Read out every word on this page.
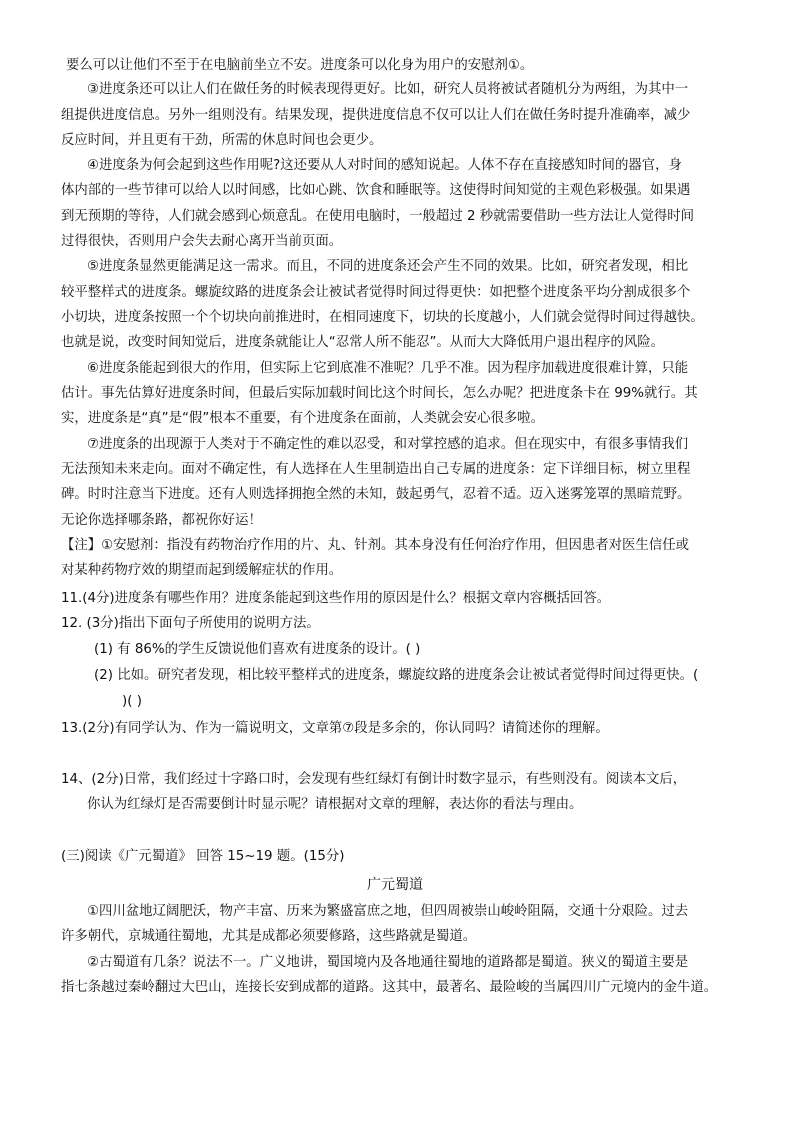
要么可以让他们不至于在电脑前坐立不安。进度条可以化身为用户的安慰剂①。
③进度条还可以让人们在做任务的时候表现得更好。比如，研究人员将被试者随机分为两组，为其中一
组提供进度信息。另外一组则没有。结果发现，提供进度信息不仅可以让人们在做任务时提升准确率，减少
反应时间，并且更有干劲，所需的休息时间也会更少。
④进度条为何会起到这些作用呢?这还要从人对时间的感知说起。人体不存在直接感知时间的器官，身
体内部的一些节律可以给人以时间感，比如心跳、饮食和睡眠等。这使得时间知觉的主观色彩极强。如果遇
到无预期的等待，人们就会感到心烦意乱。在使用电脑时，一般超过 2 秒就需要借助一些方法让人觉得时间
过得很快，否则用户会失去耐心离开当前页面。
⑤进度条显然更能满足这一需求。而且，不同的进度条还会产生不同的效果。比如，研究者发现，相比
较平整样式的进度条。螺旋纹路的进度条会让被试者觉得时间过得更快：如把整个进度条平均分割成很多个
小切块，进度条按照一个个切块向前推进时，在相同速度下，切块的长度越小，人们就会觉得时间过得越快。
也就是说，改变时间知觉后，进度条就能让人“忍常人所不能忍”。从而大大降低用户退出程序的风险。
⑥进度条能起到很大的作用，但实际上它到底准不准呢？几乎不准。因为程序加载进度很难计算，只能
估计。事先估算好进度条时间，但最后实际加载时间比这个时间长，怎么办呢？把进度条卡在 99%就行。其
实，进度条是“真”是“假”根本不重要，有个进度条在面前，人类就会安心很多啦。
⑦进度条的出现源于人类对于不确定性的难以忍受，和对掌控感的追求。但在现实中，有很多事情我们
无法预知未来走向。面对不确定性，有人选择在人生里制造出自己专属的进度条：定下详细目标，树立里程
碑。时时注意当下进度。还有人则选择拥抱全然的未知，鼓起勇气，忍着不适。迈入迷雾笼罩的黑暗荒野。
无论你选择哪条路，都祝你好运！
【注】①安慰剂：指没有药物治疗作用的片、丸、针剂。其本身没有任何治疗作用，但因患者对医生信任或
对某种药物疗效的期望而起到缓解症状的作用。
11.(4分)进度条有哪些作用？进度条能起到这些作用的原因是什么？根据文章内容概括回答。
12. (3分)指出下面句子所使用的说明方法。
(1) 有 86%的学生反馈说他们喜欢有进度条的设计。( )
(2) 比如。研究者发现，相比较平整样式的进度条，螺旋纹路的进度条会让被试者觉得时间过得更快。(
)( )
13.(2分)有同学认为、作为一篇说明文，文章第⑦段是多余的，你认同吗？请简述你的理解。
14、(2分)日常，我们经过十字路口时，会发现有些红绿灯有倒计时数字显示，有些则没有。阅读本文后，
你认为红绿灯是否需要倒计时显示呢？请根据对文章的理解，表达你的看法与理由。
(三)阅读《广元蜀道》 回答 15~19 题。(15分)
广元蜀道
①四川盆地辽阔肥沃，物产丰富、历来为繁盛富庶之地，但四周被崇山峻岭阻隔，交通十分艰险。过去
许多朝代，京城通往蜀地，尤其是成都必须要修路，这些路就是蜀道。
②古蜀道有几条？说法不一。广义地讲，蜀国境内及各地通往蜀地的道路都是蜀道。狭义的蜀道主要是
指七条越过秦岭翻过大巴山，连接长安到成都的道路。这其中，最著名、最险峻的当属四川广元境内的金牛道。
